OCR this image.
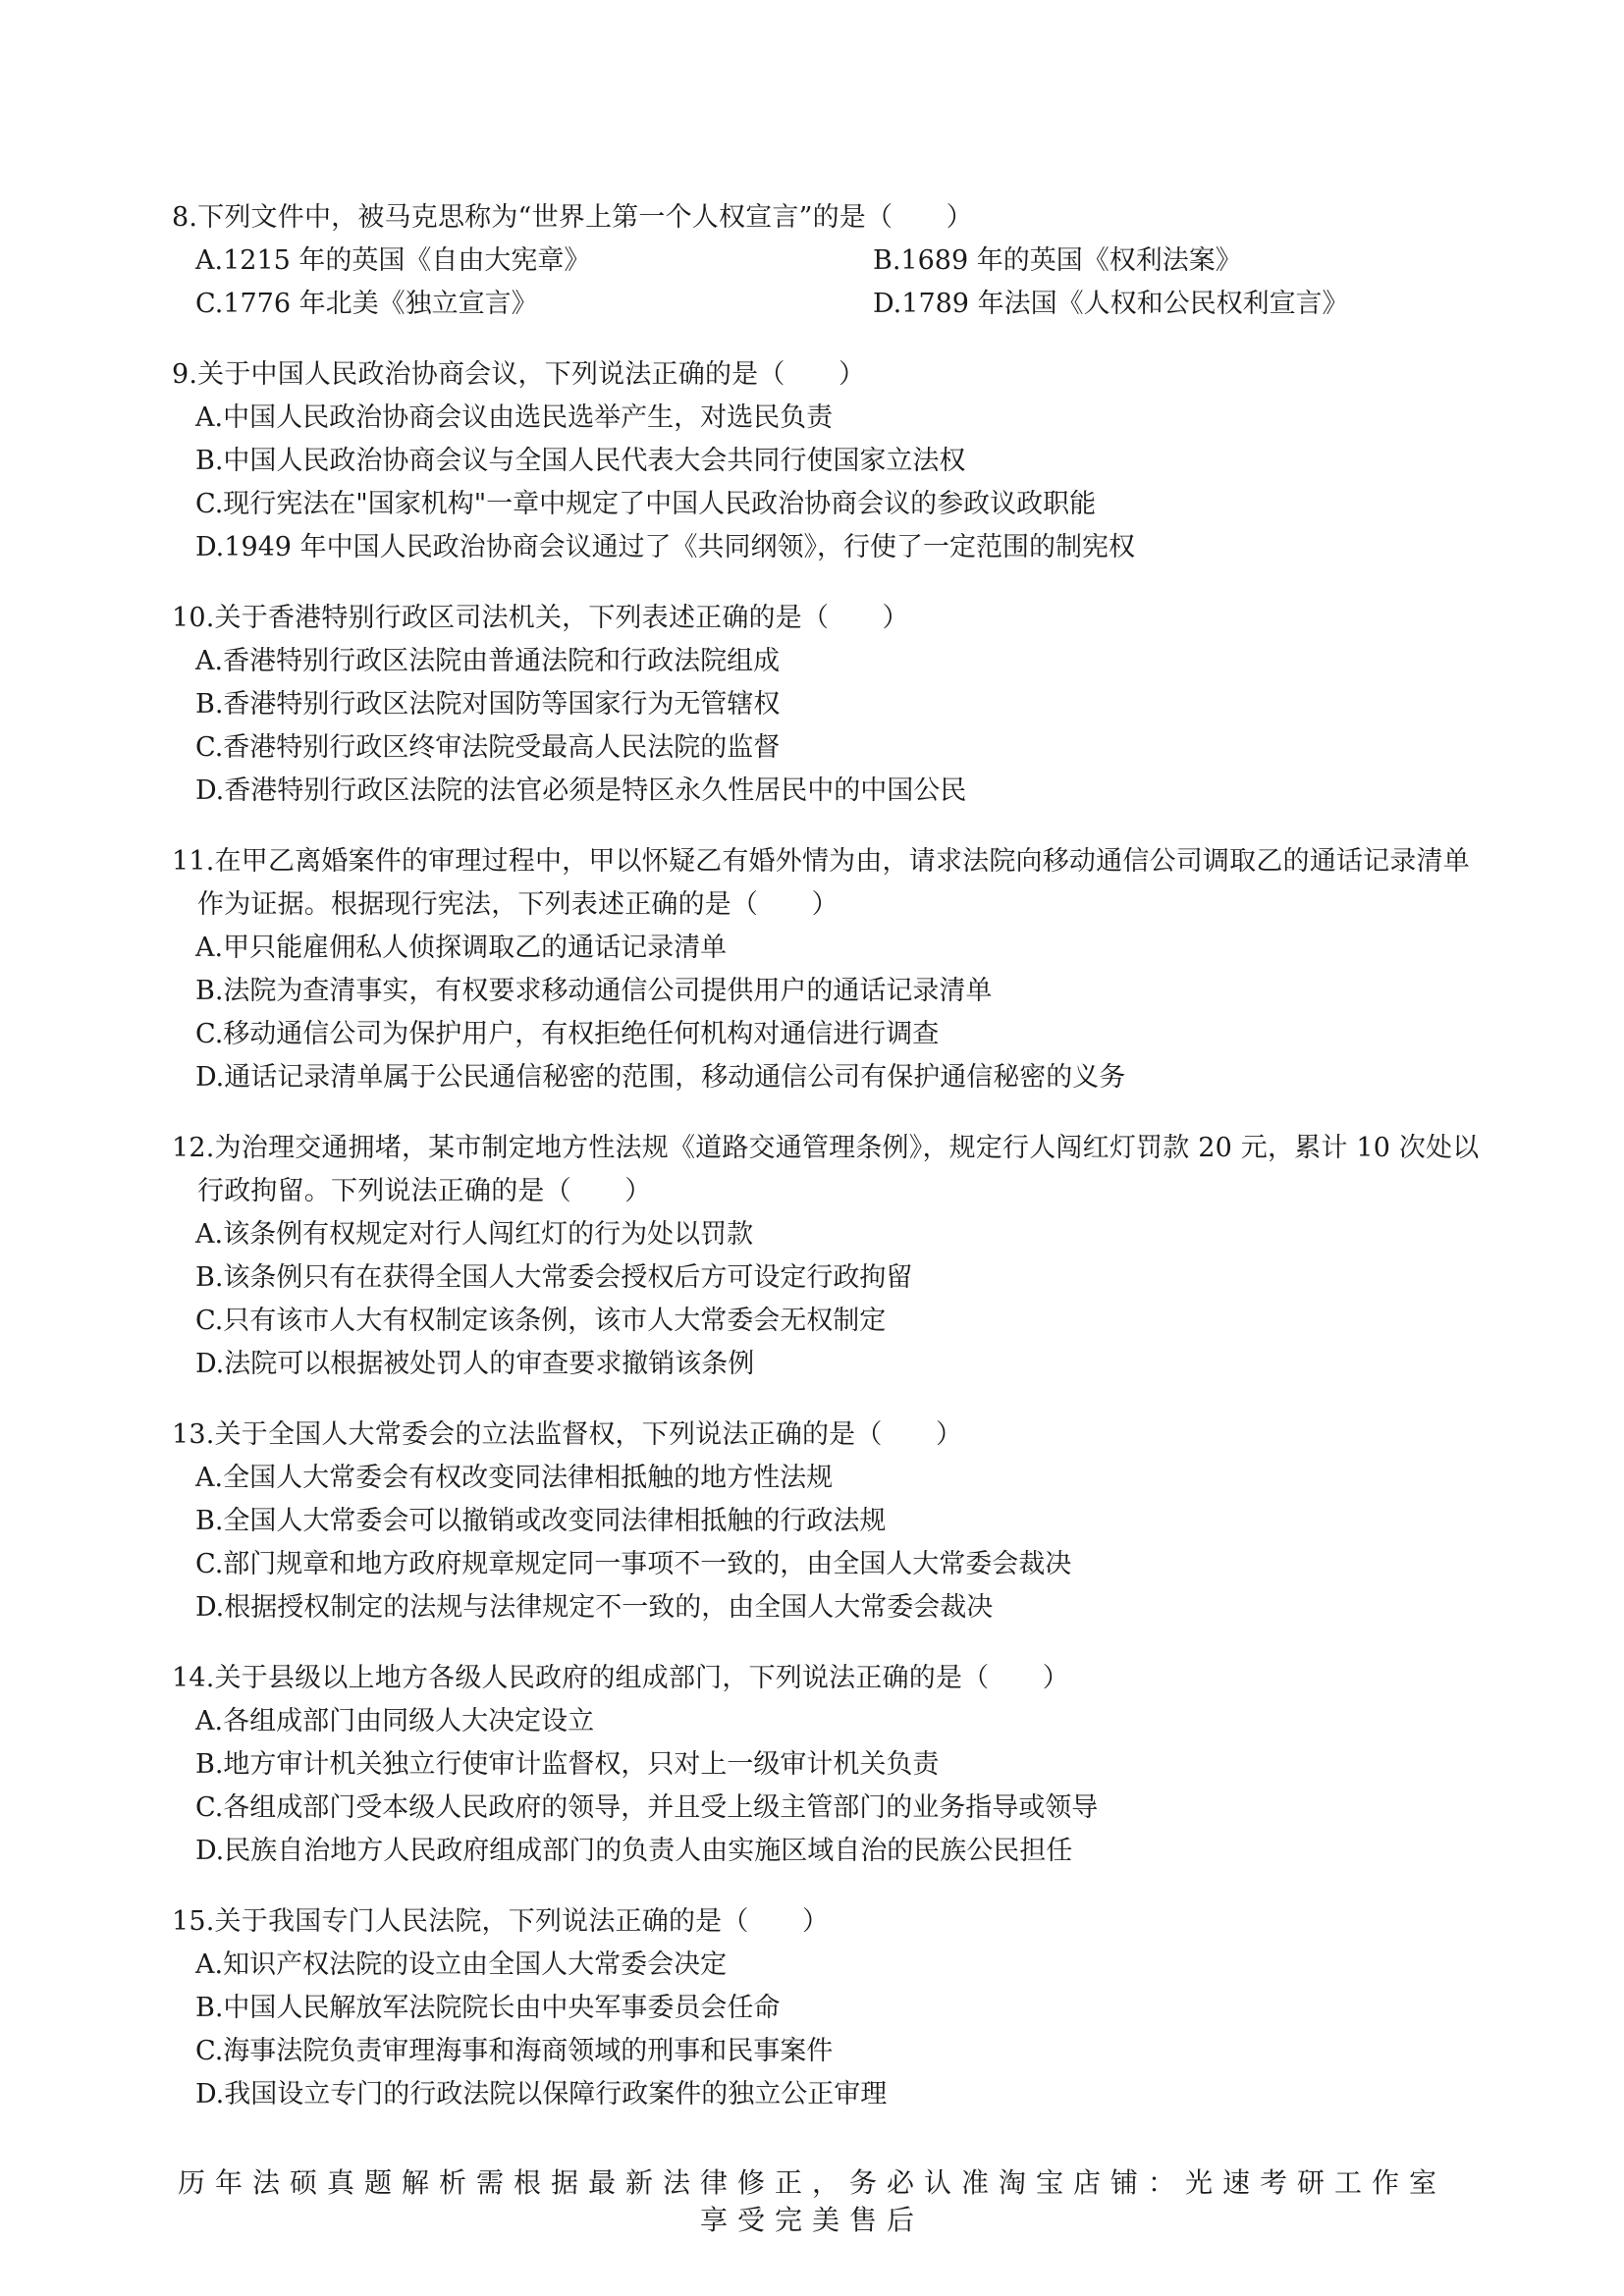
8.下列文件中，被马克思称为“世界上第一个人权宣言”的是（　　）
A.1215 年的英国《自由大宪章》	B.1689 年的英国《权利法案》
C.1776 年北美《独立宣言》	D.1789 年法国《人权和公民权利宣言》
9.关于中国人民政治协商会议，下列说法正确的是（　　）
A.中国人民政治协商会议由选民选举产生，对选民负责
B.中国人民政治协商会议与全国人民代表大会共同行使国家立法权
C.现行宪法在"国家机构"一章中规定了中国人民政治协商会议的参政议政职能
D.1949 年中国人民政治协商会议通过了《共同纲领》，行使了一定范围的制宪权
10.关于香港特别行政区司法机关，下列表述正确的是（　　）
A.香港特别行政区法院由普通法院和行政法院组成
B.香港特别行政区法院对国防等国家行为无管辖权
C.香港特别行政区终审法院受最高人民法院的监督
D.香港特别行政区法院的法官必须是特区永久性居民中的中国公民
11.在甲乙离婚案件的审理过程中，甲以怀疑乙有婚外情为由，请求法院向移动通信公司调取乙的通话记录清单作为证据。根据现行宪法，下列表述正确的是（　　）
A.甲只能雇佣私人侦探调取乙的通话记录清单
B.法院为查清事实，有权要求移动通信公司提供用户的通话记录清单
C.移动通信公司为保护用户，有权拒绝任何机构对通信进行调查
D.通话记录清单属于公民通信秘密的范围，移动通信公司有保护通信秘密的义务
12.为治理交通拥堵，某市制定地方性法规《道路交通管理条例》，规定行人闯红灯罚款 20 元，累计 10 次处以行政拘留。下列说法正确的是（　　）
A.该条例有权规定对行人闯红灯的行为处以罚款
B.该条例只有在获得全国人大常委会授权后方可设定行政拘留
C.只有该市人大有权制定该条例，该市人大常委会无权制定
D.法院可以根据被处罚人的审查要求撤销该条例
13.关于全国人大常委会的立法监督权，下列说法正确的是（　　）
A.全国人大常委会有权改变同法律相抵触的地方性法规
B.全国人大常委会可以撤销或改变同法律相抵触的行政法规
C.部门规章和地方政府规章规定同一事项不一致的，由全国人大常委会裁决
D.根据授权制定的法规与法律规定不一致的，由全国人大常委会裁决
14.关于县级以上地方各级人民政府的组成部门，下列说法正确的是（　　）
A.各组成部门由同级人大决定设立
B.地方审计机关独立行使审计监督权，只对上一级审计机关负责
C.各组成部门受本级人民政府的领导，并且受上级主管部门的业务指导或领导
D.民族自治地方人民政府组成部门的负责人由实施区域自治的民族公民担任
15.关于我国专门人民法院，下列说法正确的是（　　）
A.知识产权法院的设立由全国人大常委会决定
B.中国人民解放军法院院长由中央军事委员会任命
C.海事法院负责审理海事和海商领域的刑事和民事案件
D.我国设立专门的行政法院以保障行政案件的独立公正审理
历年法硕真题解析需根据最新法律修正，务必认准淘宝店铺：光速考研工作室
享受完美售后
